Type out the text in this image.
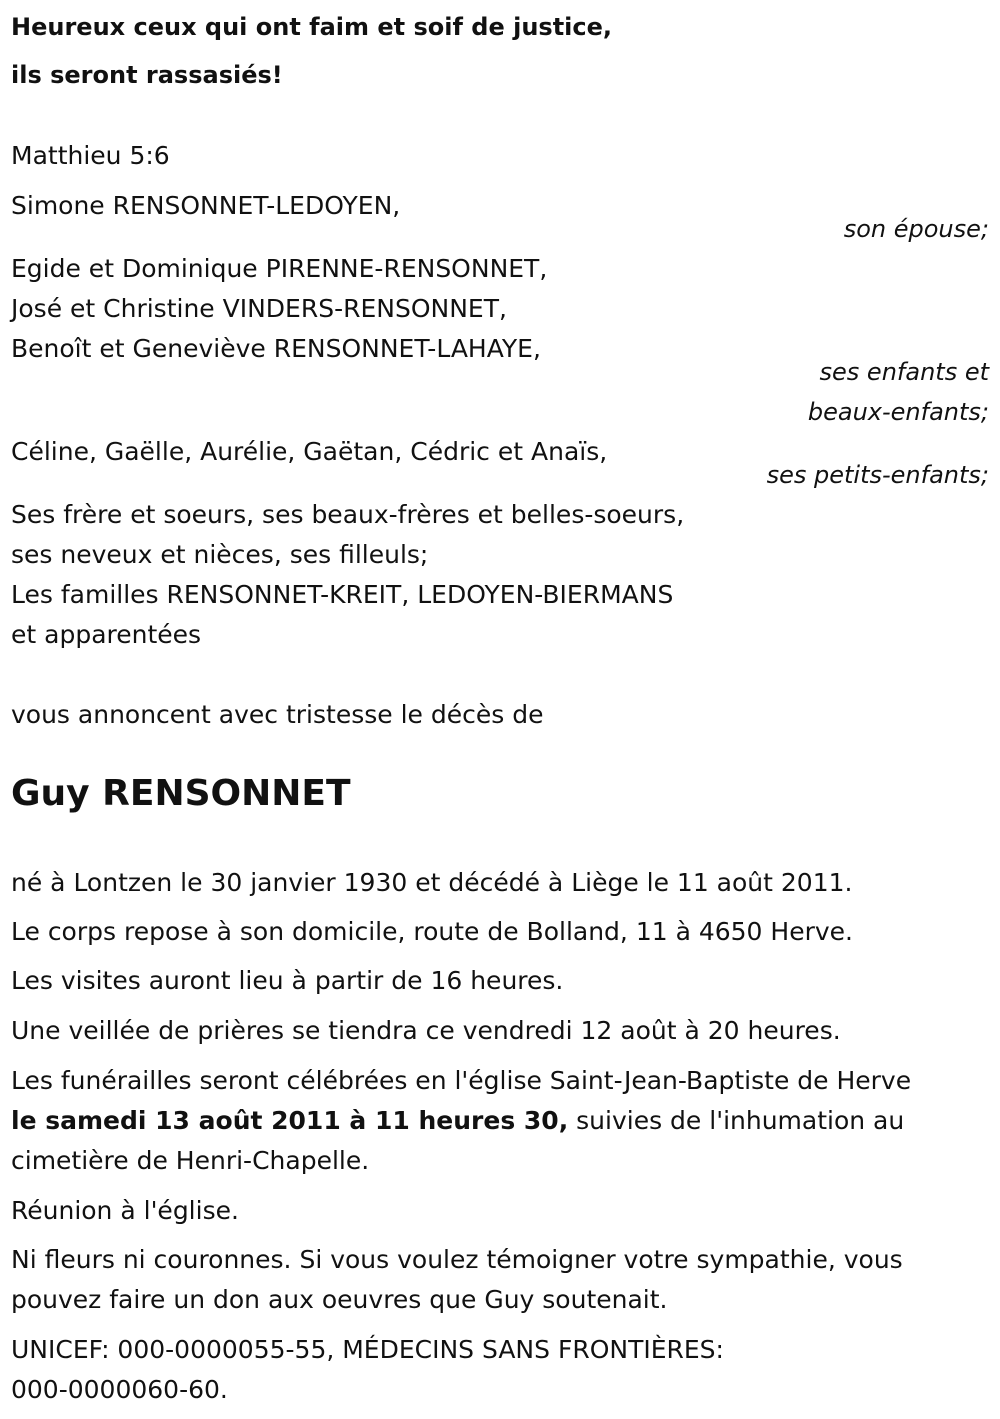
Heureux ceux qui ont faim et soif de justice,
ils seront rassasiés!
Matthieu 5:6
Simone RENSONNET-LEDOYEN,
son épouse;
Egide et Dominique PIRENNE-RENSONNET,
José et Christine VINDERS-RENSONNET,
Benoît et Geneviève RENSONNET-LAHAYE,
ses enfants et
beaux-enfants;
Céline, Gaëlle, Aurélie, Gaëtan, Cédric et Anaïs,
ses petits-enfants;
Ses frère et soeurs, ses beaux-frères et belles-soeurs,
ses neveux et nièces, ses filleuls;
Les familles RENSONNET-KREIT, LEDOYEN-BIERMANS
et apparentées
vous annoncent avec tristesse le décès de
Guy RENSONNET
né à Lontzen le 30 janvier 1930 et décédé à Liège le 11 août 2011.
Le corps repose à son domicile, route de Bolland, 11 à 4650 Herve.
Les visites auront lieu à partir de 16 heures.
Une veillée de prières se tiendra ce vendredi 12 août à 20 heures.
Les funérailles seront célébrées en l'église Saint-Jean-Baptiste de Herve
le samedi 13 août 2011 à 11 heures 30, suivies de l'inhumation au
cimetière de Henri-Chapelle.
Réunion à l'église.
Ni fleurs ni couronnes. Si vous voulez témoigner votre sympathie, vous
pouvez faire un don aux oeuvres que Guy soutenait.
UNICEF: 000-0000055-55, MÉDECINS SANS FRONTIÈRES:
000-0000060-60.
